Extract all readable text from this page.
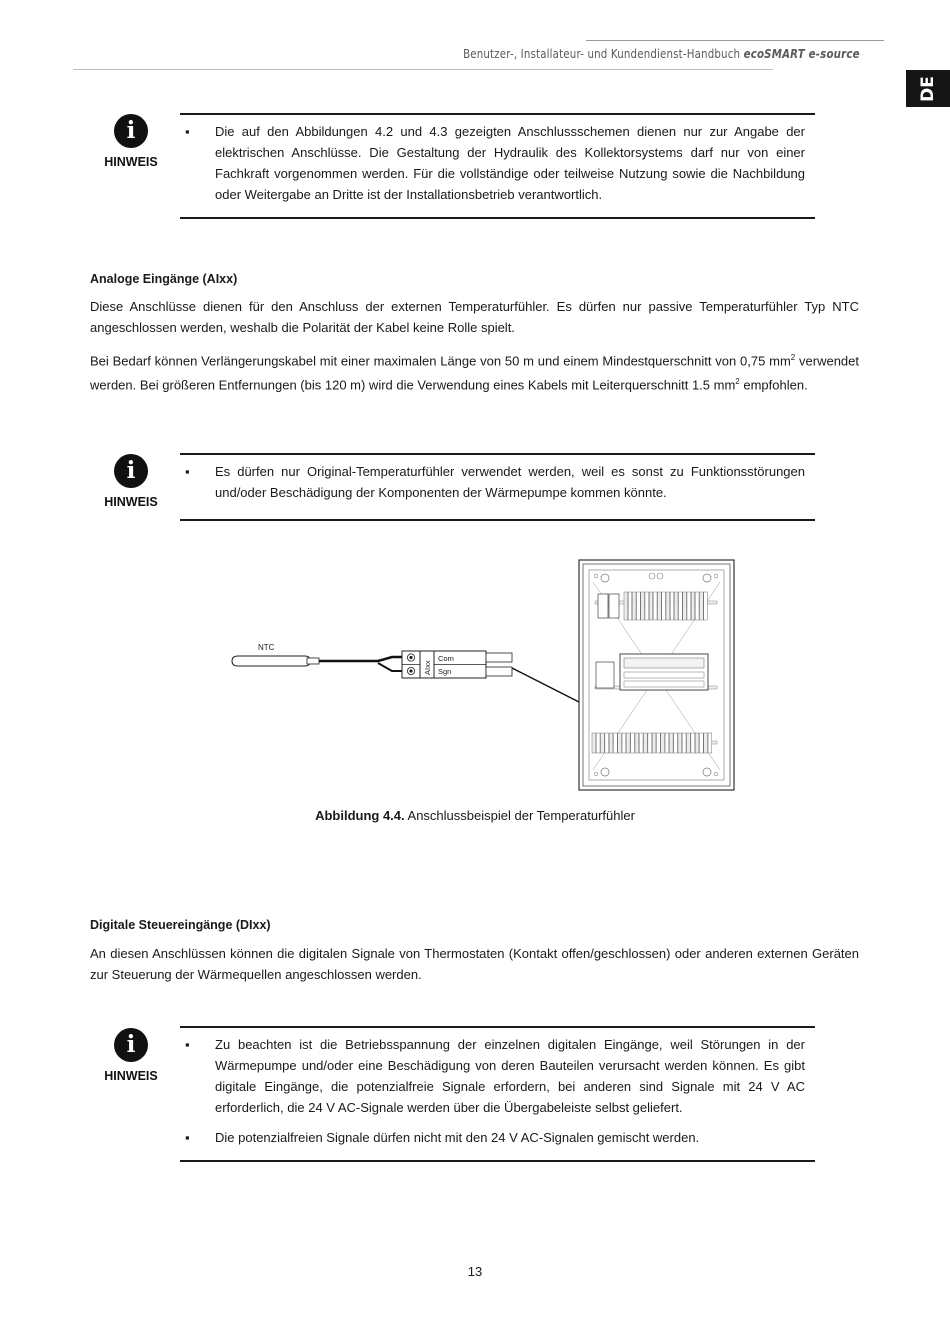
Benutzer-, Installateur- und Kundendienst-Handbuch ecoSMART e-source
DE
i
HINWEIS
▪ Die auf den Abbildungen 4.2 und 4.3 gezeigten Anschlussschemen dienen nur zur Angabe der elektrischen Anschlüsse. Die Gestaltung der Hydraulik des Kollektorsystems darf nur von einer Fachkraft vorgenommen werden. Für die vollständige oder teilweise Nutzung sowie die Nachbildung oder Weitergabe an Dritte ist der Installationsbetrieb verantwortlich.
Analoge Eingänge (AIxx)

Diese Anschlüsse dienen für den Anschluss der externen Temperaturfühler. Es dürfen nur passive Temperaturfühler Typ NTC angeschlossen werden, weshalb die Polarität der Kabel keine Rolle spielt.

Bei Bedarf können Verlängerungskabel mit einer maximalen Länge von 50 m und einem Mindestquerschnitt von 0,75 $mm^2$ verwendet werden. Bei größeren Entfernungen (bis 120 m) wird die Verwendung eines Kabels mit Leiterquerschnitt 1.5 $mm^2$ empfohlen.

i
HINWEIS
▪ Es dürfen nur Original-Temperaturfühler verwendet werden, weil es sonst zu Funktionsstörungen und/oder Beschädigung der Komponenten der Wärmepumpe kommen könnte.
NTC
AIxx
Com
Sgn
Abbildung 4.4. Anschlussbeispiel der Temperaturfühler
Digitale Steuereingänge (DIxx)

An diesen Anschlüssen können die digitalen Signale von Thermostaten (Kontakt offen/geschlossen) oder anderen externen Geräten zur Steuerung der Wärmequellen angeschlossen werden.

i
HINWEIS
▪ Zu beachten ist die Betriebsspannung der einzelnen digitalen Eingänge, weil Störungen in der Wärmepumpe und/oder eine Beschädigung von deren Bauteilen verursacht werden können. Es gibt digitale Eingänge, die potenzialfreie Signale erfordern, bei anderen sind Signale mit 24 V AC erforderlich, die 24 V AC-Signale werden über die Übergabeleiste selbst geliefert.
▪ Die potenzialfreien Signale dürfen nicht mit den 24 V AC-Signalen gemischt werden.
13
